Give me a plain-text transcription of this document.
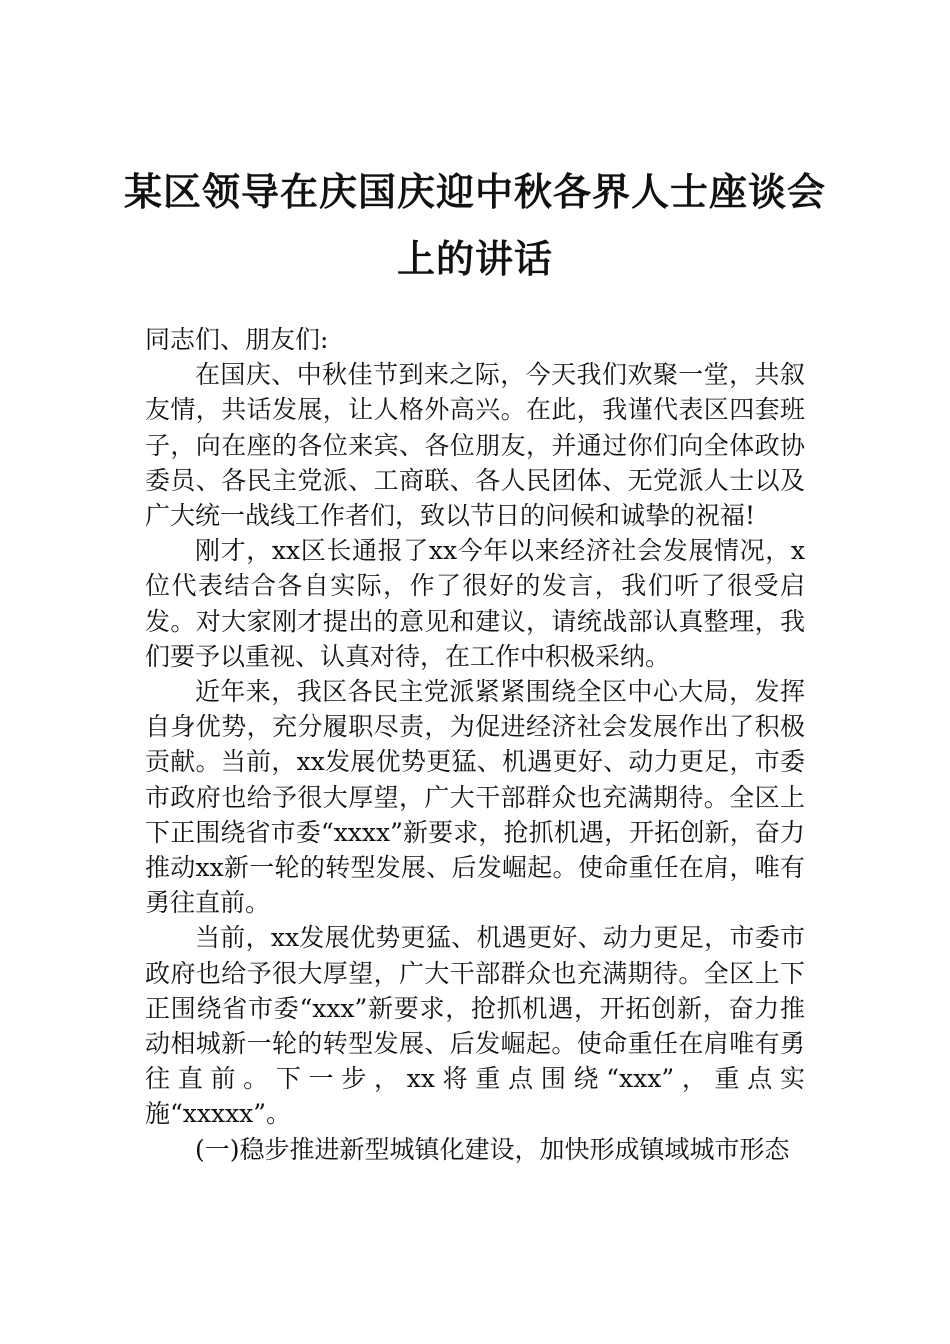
某区领导在庆国庆迎中秋各界人士座谈会
上的讲话

同志们、朋友们:

在国庆、中秋佳节到来之际，今天我们欢聚一堂，共叙友情，共话发展，让人格外高兴。在此，我谨代表区四套班子，向在座的各位来宾、各位朋友，并通过你们向全体政协委员、各民主党派、工商联、各人民团体、无党派人士以及广大统一战线工作者们，致以节日的问候和诚挚的祝福!

刚才，xx区长通报了xx今年以来经济社会发展情况，x位代表结合各自实际，作了很好的发言，我们听了很受启发。对大家刚才提出的意见和建议，请统战部认真整理，我们要予以重视、认真对待，在工作中积极采纳。

近年来，我区各民主党派紧紧围绕全区中心大局，发挥自身优势，充分履职尽责，为促进经济社会发展作出了积极贡献。当前，xx发展优势更猛、机遇更好、动力更足，市委市政府也给予很大厚望，广大干部群众也充满期待。全区上下正围绕省市委“xxxx”新要求，抢抓机遇，开拓创新，奋力推动xx新一轮的转型发展、后发崛起。使命重任在肩，唯有勇往直前。

当前，xx发展优势更猛、机遇更好、动力更足，市委市政府也给予很大厚望，广大干部群众也充满期待。全区上下正围绕省市委“xxx”新要求，抢抓机遇，开拓创新，奋力推动相城新一轮的转型发展、后发崛起。使命重任在肩唯有勇往直前。下一步，xx将重点围绕“xxx”，重点实施“xxxxx”。

(一)稳步推进新型城镇化建设，加快形成镇域城市形态
